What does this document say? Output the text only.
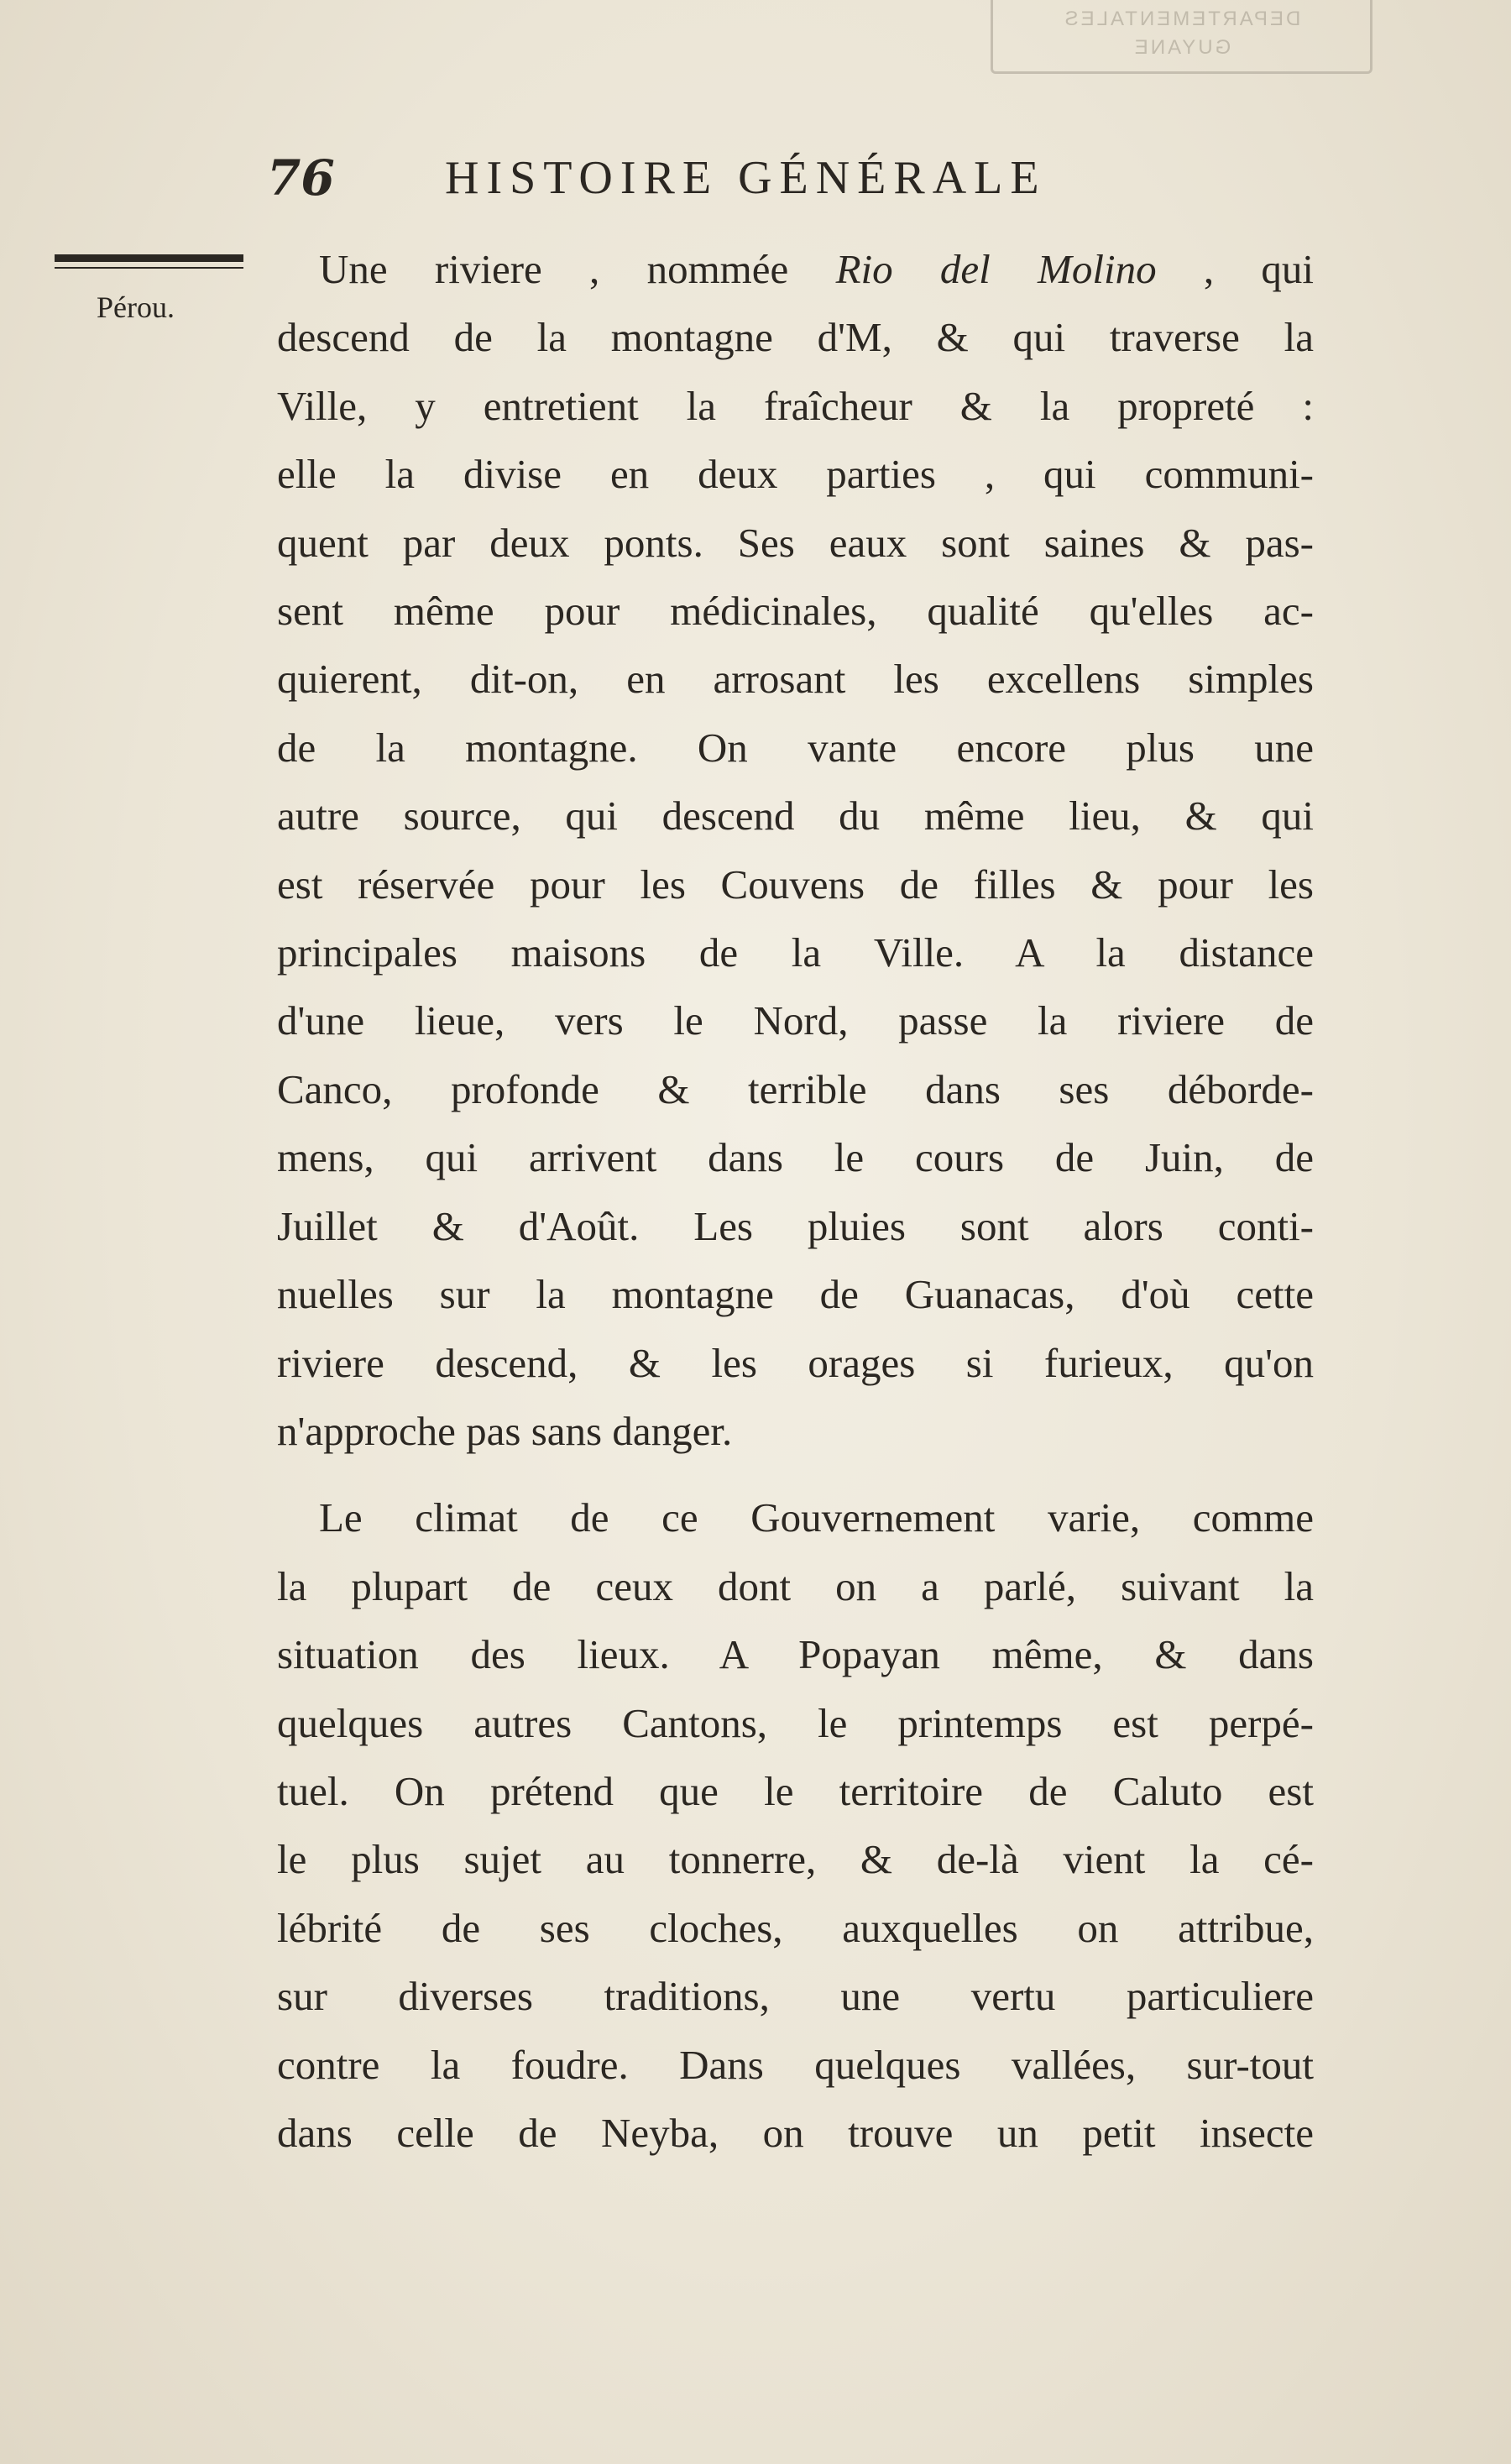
DEPARTEMENTALES
GUYANE
76 HISTOIRE GÉNÉRALE
Pérou.

Une riviere , nommée Rio del Molino , qui
descend de la montagne d'M, & qui traverse la
Ville, y entretient la fraîcheur & la propreté :
elle la divise en deux parties , qui communi-
quent par deux ponts. Ses eaux sont saines & pas-
sent même pour médicinales, qualité qu'elles ac-
quierent, dit-on, en arrosant les excellens simples
de la montagne. On vante encore plus une
autre source, qui descend du même lieu, & qui
est réservée pour les Couvens de filles & pour les
principales maisons de la Ville. A la distance
d'une lieue, vers le Nord, passe la riviere de
Canco, profonde & terrible dans ses déborde-
mens, qui arrivent dans le cours de Juin, de
Juillet & d'Août. Les pluies sont alors conti-
nuelles sur la montagne de Guanacas, d'où cette
riviere descend, & les orages si furieux, qu'on
n'approche pas sans danger.

Le climat de ce Gouvernement varie, comme
la plupart de ceux dont on a parlé, suivant la
situation des lieux. A Popayan même, & dans
quelques autres Cantons, le printemps est perpé-
tuel. On prétend que le territoire de Caluto est
le plus sujet au tonnerre, & de-là vient la cé-
lébrité de ses cloches, auxquelles on attribue,
sur diverses traditions, une vertu particuliere
contre la foudre. Dans quelques vallées, sur-tout
dans celle de Neyba, on trouve un petit insecte
